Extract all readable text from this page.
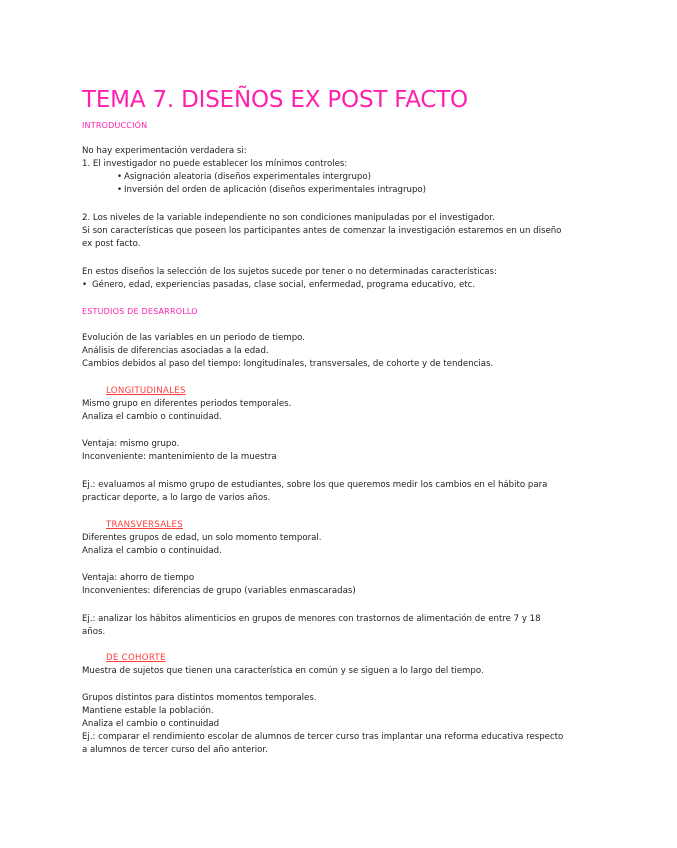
TEMA 7. DISEÑOS EX POST FACTO
INTRODUCCIÓN
No hay experimentación verdadera si:
1. El investigador no puede establecer los mínimos controles:
• Asignación aleatoria (diseños experimentales intergrupo)
• Inversión del orden de aplicación (diseños experimentales intragrupo)
2. Los niveles de la variable independiente no son condiciones manipuladas por el investigador.
Si son características que poseen los participantes antes de comenzar la investigación estaremos en un diseño
ex post facto.
En estos diseños la selección de los sujetos sucede por tener o no determinadas características:
• Género, edad, experiencias pasadas, clase social, enfermedad, programa educativo, etc.
ESTUDIOS DE DESARROLLO
Evolución de las variables en un periodo de tiempo.
Análisis de diferencias asociadas a la edad.
Cambios debidos al paso del tiempo: longitudinales, transversales, de cohorte y de tendencias.
LONGITUDINALES
Mismo grupo en diferentes periodos temporales.
Analiza el cambio o continuidad.
Ventaja: mismo grupo.
Inconveniente: mantenimiento de la muestra
Ej.: evaluamos al mismo grupo de estudiantes, sobre los que queremos medir los cambios en el hábito para
practicar deporte, a lo largo de varios años.
TRANSVERSALES
Diferentes grupos de edad, un solo momento temporal.
Analiza el cambio o continuidad.
Ventaja: ahorro de tiempo
Inconvenientes: diferencias de grupo (variables enmascaradas)
Ej.: analizar los hábitos alimenticios en grupos de menores con trastornos de alimentación de entre 7 y 18
años.
DE COHORTE
Muestra de sujetos que tienen una característica en común y se siguen a lo largo del tiempo.
Grupos distintos para distintos momentos temporales.
Mantiene estable la población.
Analiza el cambio o continuidad
Ej.: comparar el rendimiento escolar de alumnos de tercer curso tras implantar una reforma educativa respecto
a alumnos de tercer curso del año anterior.
